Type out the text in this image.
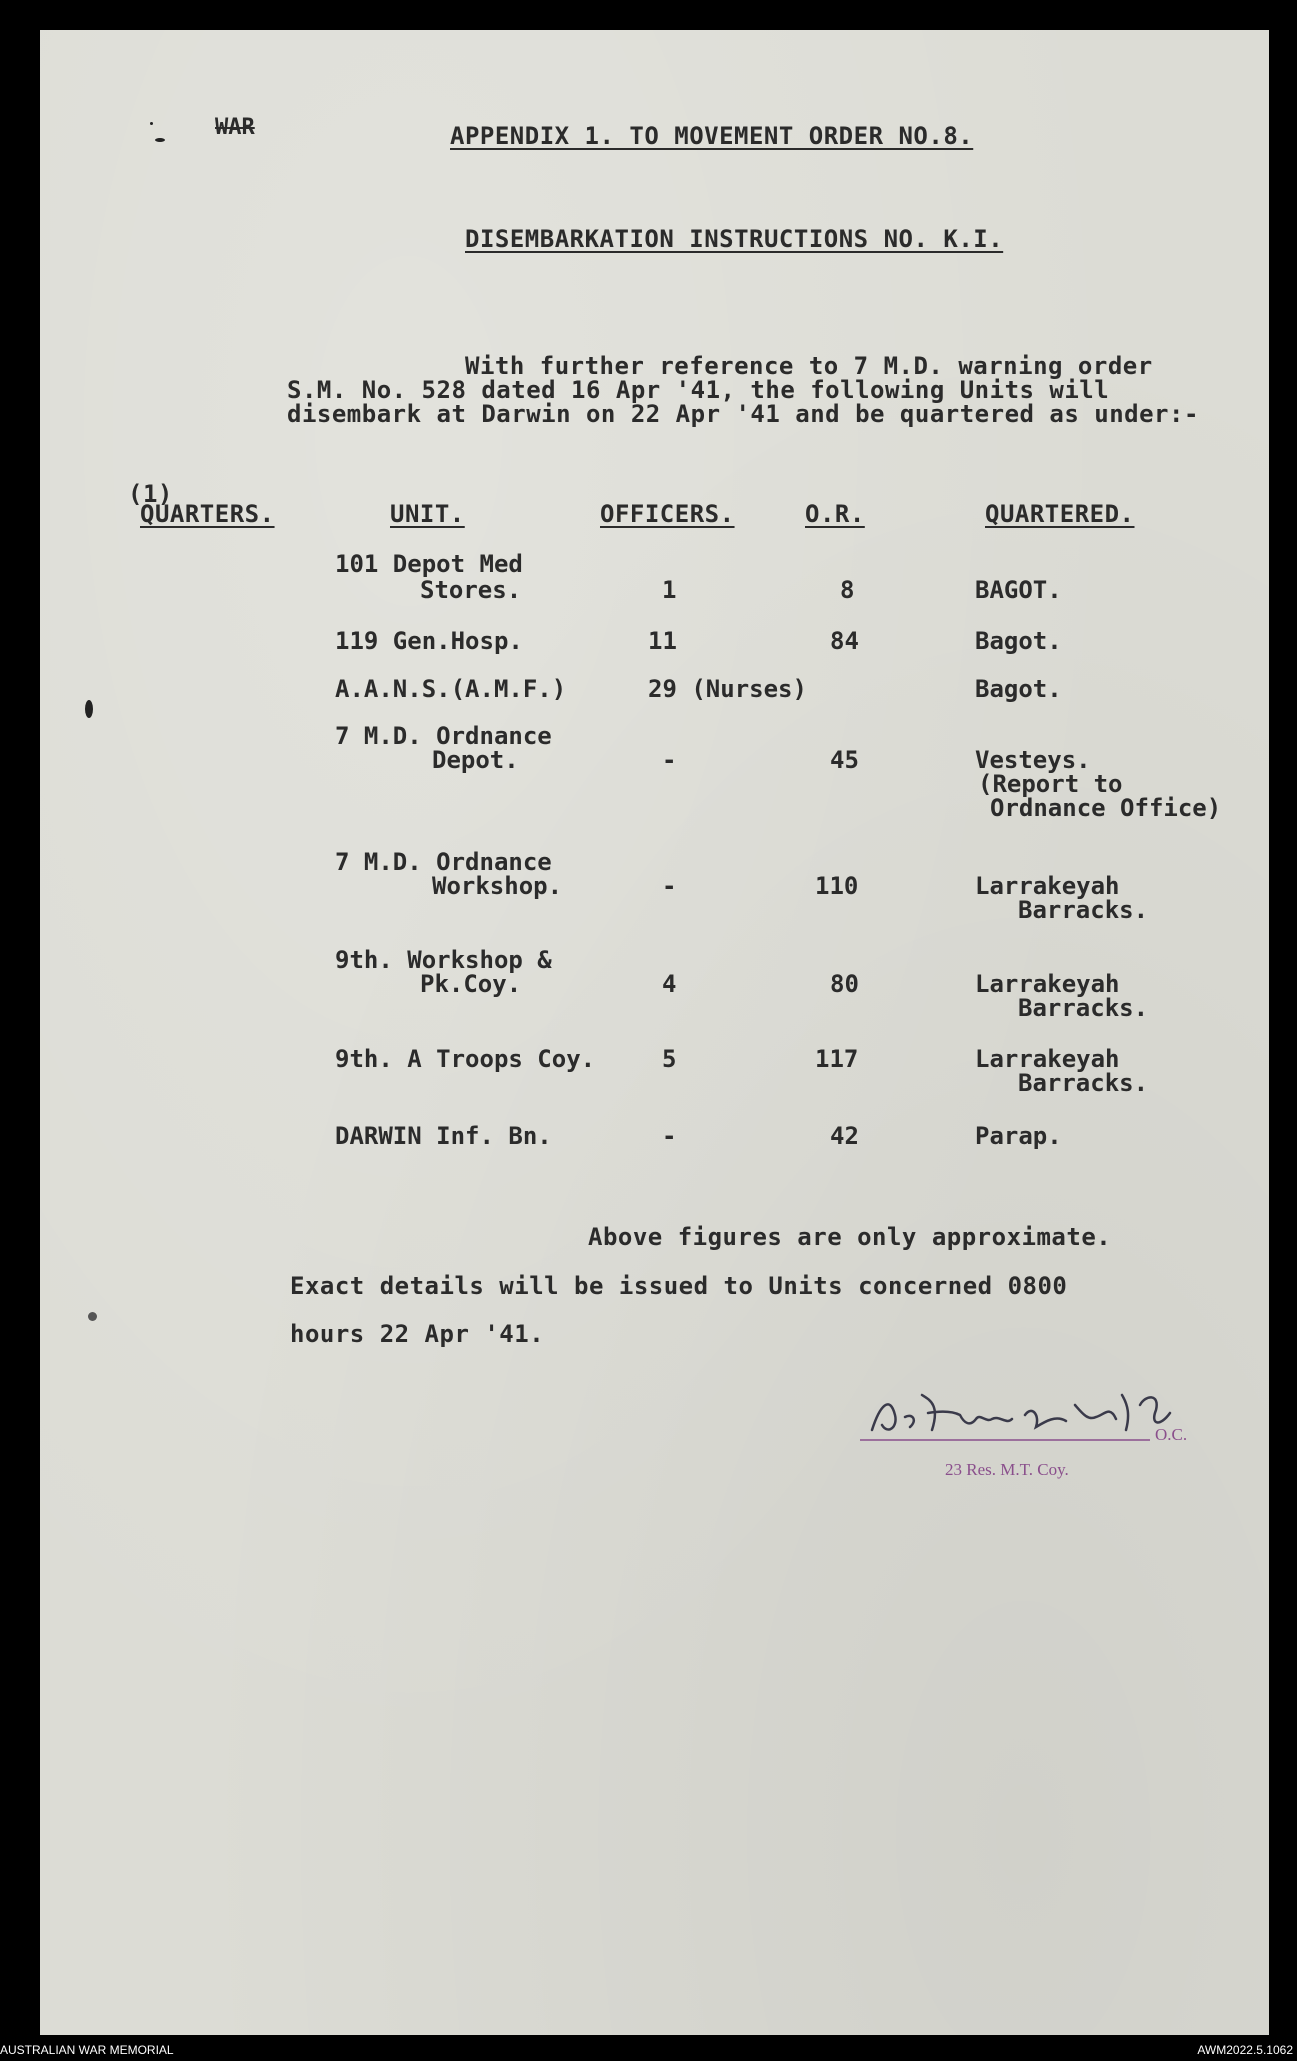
WAR	APPENDIX 1. TO MOVEMENT ORDER NO.8.
DISEMBARKATION INSTRUCTIONS NO. K.I.
With further reference to 7 M.D. warning order
S.M. No. 528 dated 16 Apr '41, the following Units will
disembark at Darwin on 22 Apr '41 and be quartered as under:-
(1)
QUARTERS.	UNIT.	OFFICERS.	O.R.	QUARTERED.
101 Depot Med
Stores.	1	8	BAGOT.
119 Gen.Hosp.	11	84	Bagot.
A.A.N.S.(A.M.F.)	29 (Nurses)	Bagot.
7 M.D. Ordnance
Depot.	-	45	Vesteys.
(Report to
Ordnance Office)
7 M.D. Ordnance
Workshop.	-	110	Larrakeyah
Barracks.
9th. Workshop &
Pk.Coy.	4	80	Larrakeyah
Barracks.
9th. A Troops Coy.	5	117	Larrakeyah
Barracks.
DARWIN Inf. Bn.	-	42	Parap.
Above figures are only approximate.
Exact details will be issued to Units concerned 0800
hours 22 Apr '41.
O.C.
23 Res. M.T. Coy.
AUSTRALIAN WAR MEMORIAL	AWM2022.5.1062
